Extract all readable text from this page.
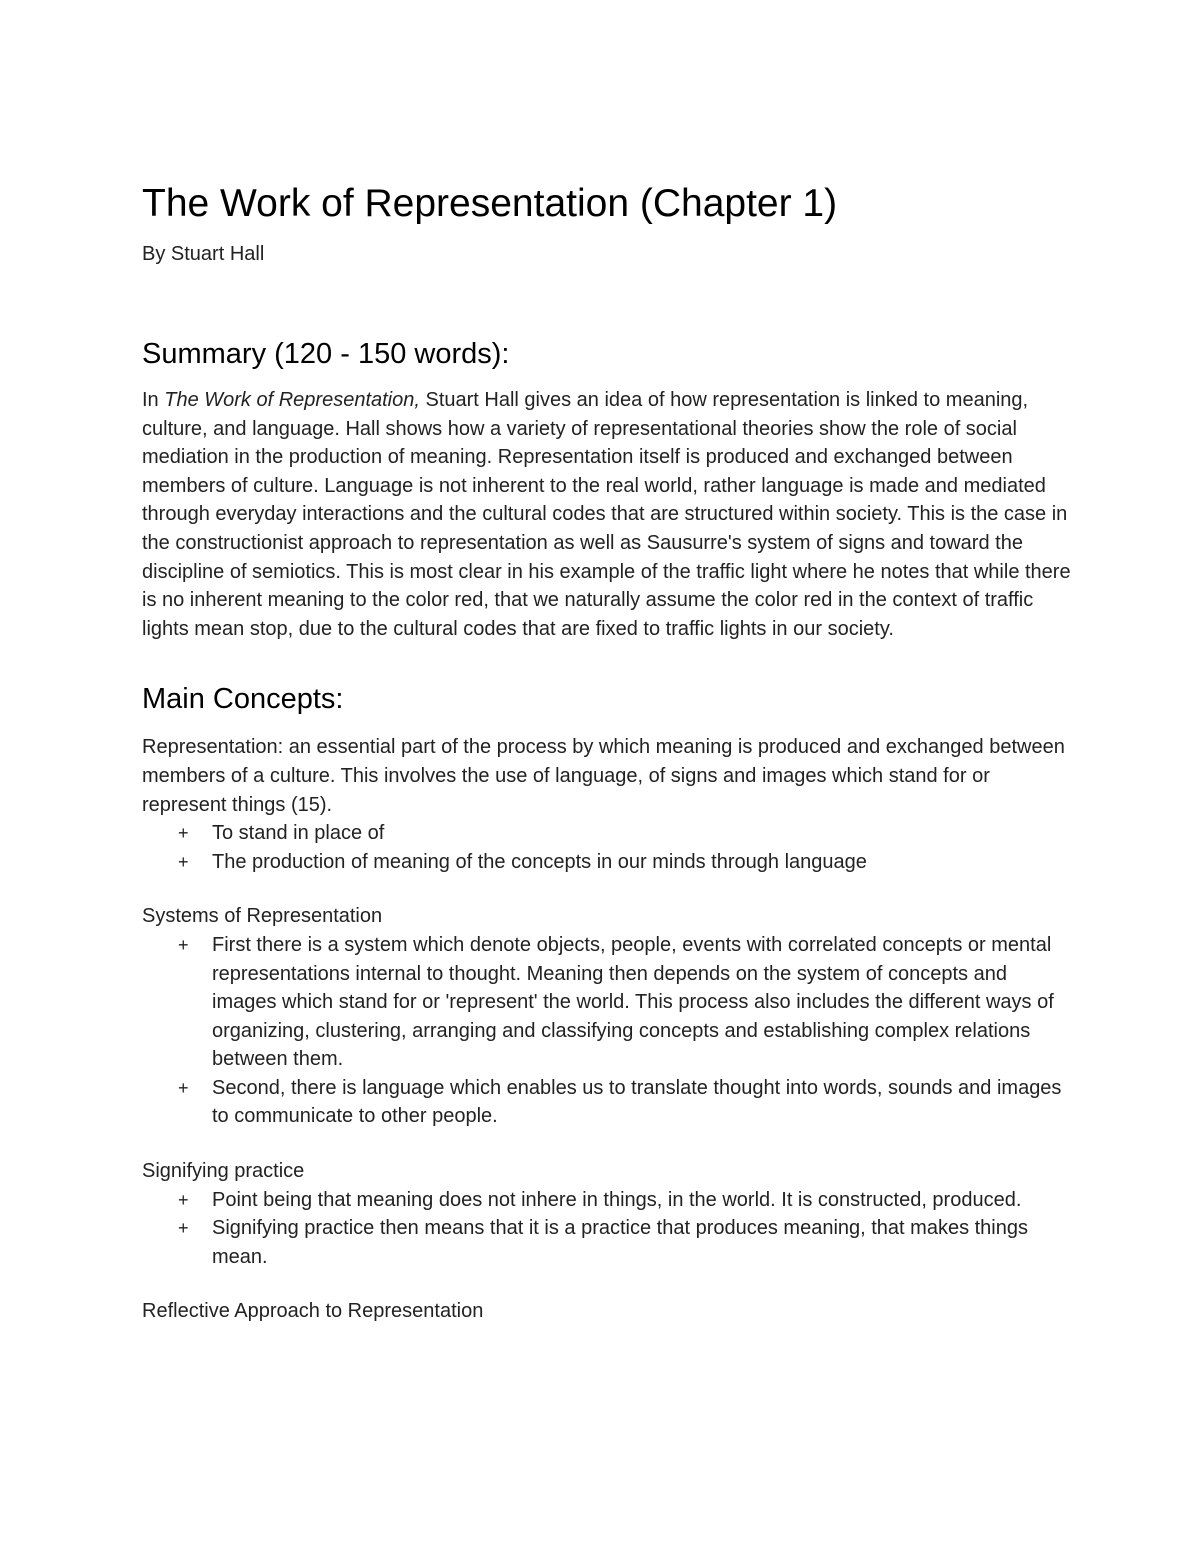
The Work of Representation (Chapter 1)

By Stuart Hall

Summary (120 - 150 words):

In The Work of Representation, Stuart Hall gives an idea of how representation is linked to meaning, culture, and language. Hall shows how a variety of representational theories show the role of social mediation in the production of meaning. Representation itself is produced and exchanged between members of culture. Language is not inherent to the real world, rather language is made and mediated through everyday interactions and the cultural codes that are structured within society. This is the case in the constructionist approach to representation as well as Sausurre's system of signs and toward the discipline of semiotics. This is most clear in his example of the traffic light where he notes that while there is no inherent meaning to the color red, that we naturally assume the color red in the context of traffic lights mean stop, due to the cultural codes that are fixed to traffic lights in our society.

Main Concepts:

Representation: an essential part of the process by which meaning is produced and exchanged between members of a culture. This involves the use of language, of signs and images which stand for or represent things (15).

+ To stand in place of
+ The production of meaning of the concepts in our minds through language

Systems of Representation

+ First there is a system which denote objects, people, events with correlated concepts or mental representations internal to thought. Meaning then depends on the system of concepts and images which stand for or 'represent' the world. This process also includes the different ways of organizing, clustering, arranging and classifying concepts and establishing complex relations between them.
+ Second, there is language which enables us to translate thought into words, sounds and images to communicate to other people.

Signifying practice

+ Point being that meaning does not inhere in things, in the world. It is constructed, produced.
+ Signifying practice then means that it is a practice that produces meaning, that makes things mean.

Reflective Approach to Representation
